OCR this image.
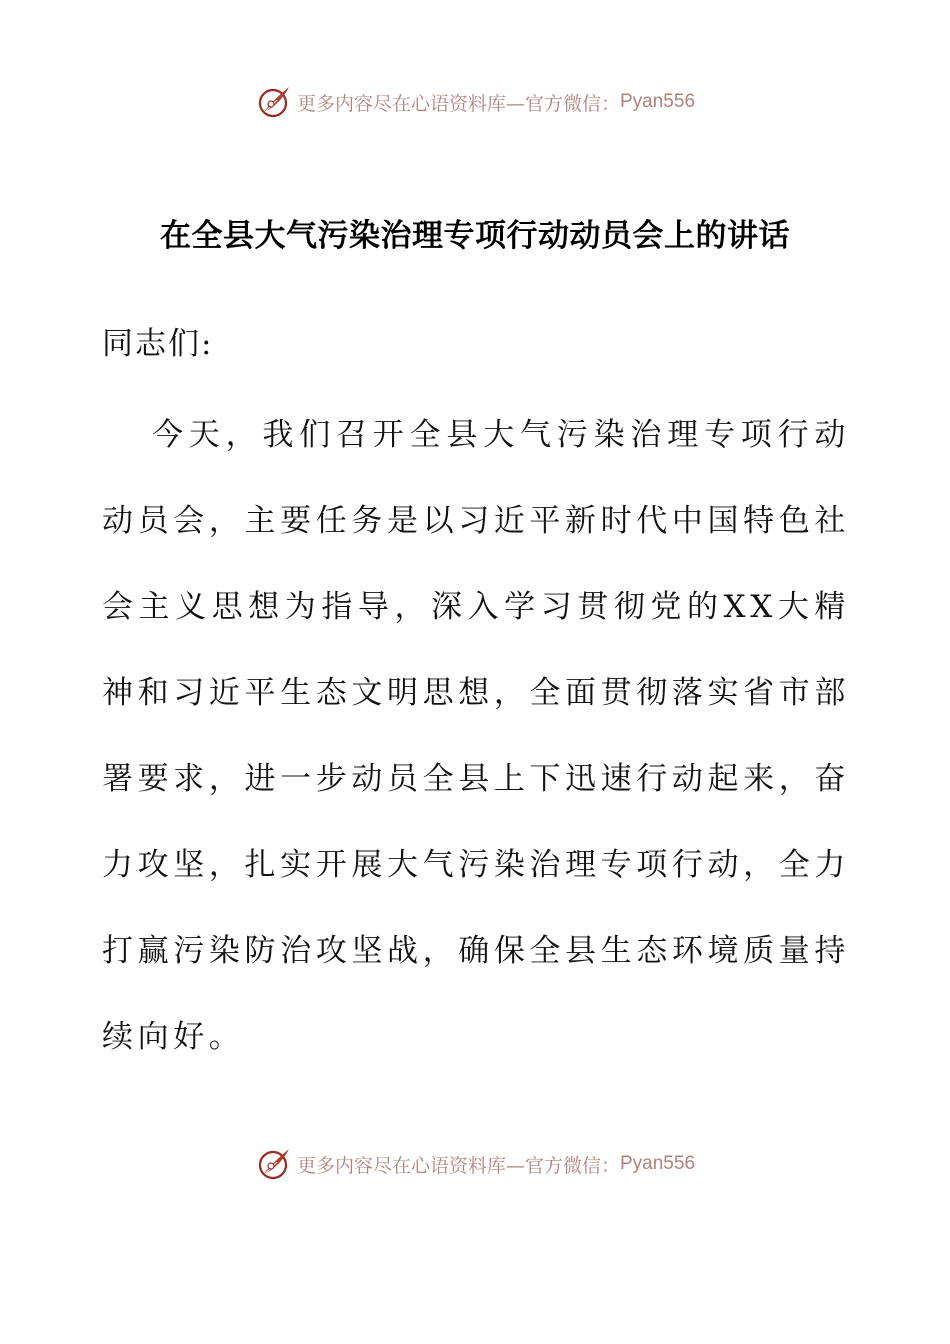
更多内容尽在心语资料库—官方微信： Pyan556
在全县大气污染治理专项行动动员会上的讲话

同志们:

今天，我们召开全县大气污染治理专项行动动员会，主要任务是以习近平新时代中国特色社会主义思想为指导，深入学习贯彻党的XX大精神和习近平生态文明思想，全面贯彻落实省市部署要求，进一步动员全县上下迅速行动起来，奋力攻坚，扎实开展大气污染治理专项行动，全力打赢污染防治攻坚战，确保全县生态环境质量持续向好。

更多内容尽在心语资料库—官方微信： Pyan556
